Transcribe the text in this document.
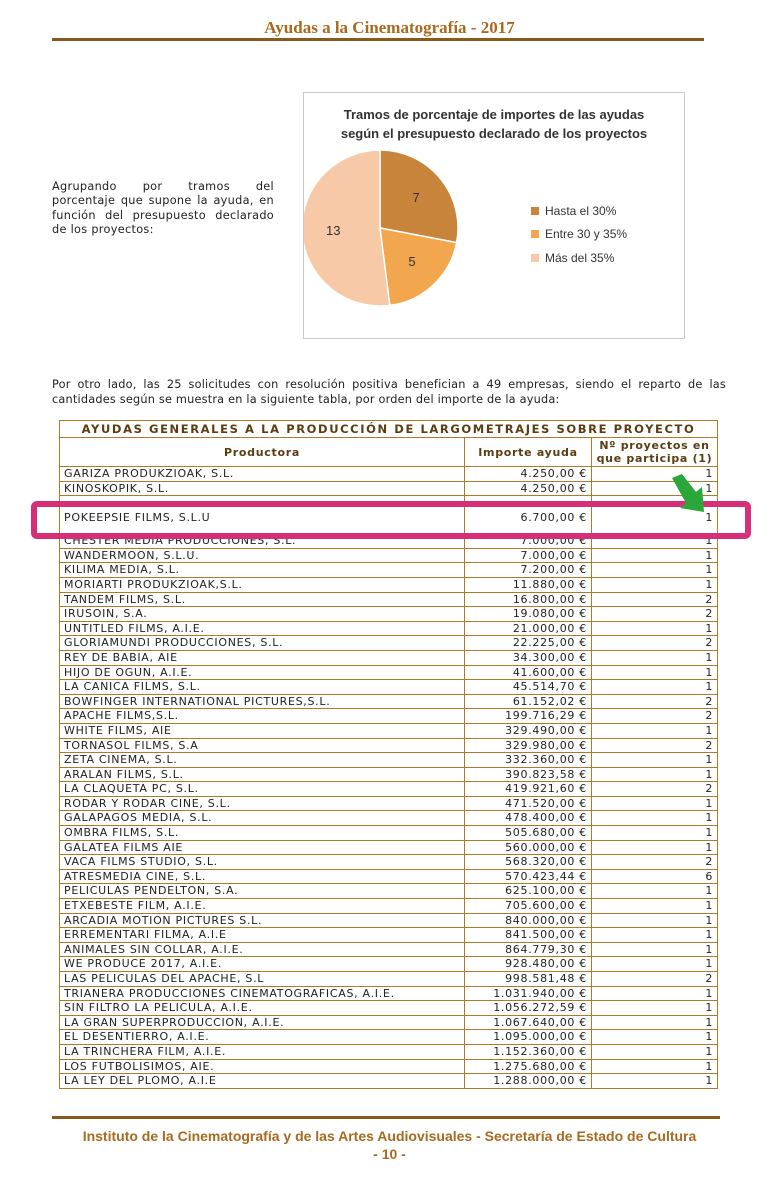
Ayudas a la Cinematografía - 2017
Agrupando por tramos del porcentaje que supone la ayuda, en función del presupuesto declarado de los proyectos:
Tramos de porcentaje de importes de las ayudas según el presupuesto declarado de los proyectos
7
5
13
Hasta el 30%
Entre 30 y 35%
Más del 35%
Por otro lado, las 25 solicitudes con resolución positiva benefician a 49 empresas, siendo el reparto de las cantidades según se muestra en la siguiente tabla, por orden del importe de la ayuda:
AYUDAS GENERALES A LA PRODUCCIÓN DE LARGOMETRAJES SOBRE PROYECTO		
Productora	Importe ayuda	Nº proyectos en que participa (1)
GARIZA PRODUKZIOAK, S.L.	4.250,00 €	1
KINOSKOPIK, S.L.	4.250,00 €	1

POKEEPSIE FILMS, S.L.U	6.700,00 €	1
CHESTER MEDIA PRODUCCIONES, S.L.	7.000,00 €	1
WANDERMOON, S.L.U.	7.000,00 €	1
KILIMA MEDIA, S.L.	7.200,00 €	1
MORIARTI PRODUKZIOAK,S.L.	11.880,00 €	1
TANDEM FILMS, S.L.	16.800,00 €	2
IRUSOIN, S.A.	19.080,00 €	2
UNTITLED FILMS, A.I.E.	21.000,00 €	1
GLORIAMUNDI PRODUCCIONES, S.L.	22.225,00 €	2
REY DE BABIA, AIE	34.300,00 €	1
HIJO DE OGUN, A.I.E.	41.600,00 €	1
LA CANICA FILMS, S.L.	45.514,70 €	1
BOWFINGER INTERNATIONAL PICTURES,S.L.	61.152,02 €	2
APACHE FILMS,S.L.	199.716,29 €	2
WHITE FILMS, AIE	329.490,00 €	1
TORNASOL FILMS, S.A	329.980,00 €	2
ZETA CINEMA, S.L.	332.360,00 €	1
ARALAN FILMS, S.L.	390.823,58 €	1
LA CLAQUETA PC, S.L.	419.921,60 €	2
RODAR Y RODAR CINE, S.L.	471.520,00 €	1
GALAPAGOS MEDIA, S.L.	478.400,00 €	1
OMBRA FILMS, S.L.	505.680,00 €	1
GALATEA FILMS AIE	560.000,00 €	1
VACA FILMS STUDIO, S.L.	568.320,00 €	2
ATRESMEDIA CINE, S.L.	570.423,44 €	6
PELICULAS PENDELTON, S.A.	625.100,00 €	1
ETXEBESTE FILM, A.I.E.	705.600,00 €	1
ARCADIA MOTION PICTURES S.L.	840.000,00 €	1
ERREMENTARI FILMA, A.I.E	841.500,00 €	1
ANIMALES SIN COLLAR, A.I.E.	864.779,30 €	1
WE PRODUCE 2017, A.I.E.	928.480,00 €	1
LAS PELICULAS DEL APACHE, S.L	998.581,48 €	2
TRIANERA PRODUCCIONES CINEMATOGRAFICAS, A.I.E.	1.031.940,00 €	1
SIN FILTRO LA PELICULA, A.I.E.	1.056.272,59 €	1
LA GRAN SUPERPRODUCCION, A.I.E.	1.067.640,00 €	1
EL DESENTIERRO, A.I.E.	1.095.000,00 €	1
LA TRINCHERA FILM, A.I.E.	1.152.360,00 €	1
LOS FUTBOLISIMOS, AIE.	1.275.680,00 €	1
LA LEY DEL PLOMO, A.I.E	1.288.000,00 €	1
Instituto de la Cinematografía y de las Artes Audiovisuales - Secretaría de Estado de Cultura
- 10 -
